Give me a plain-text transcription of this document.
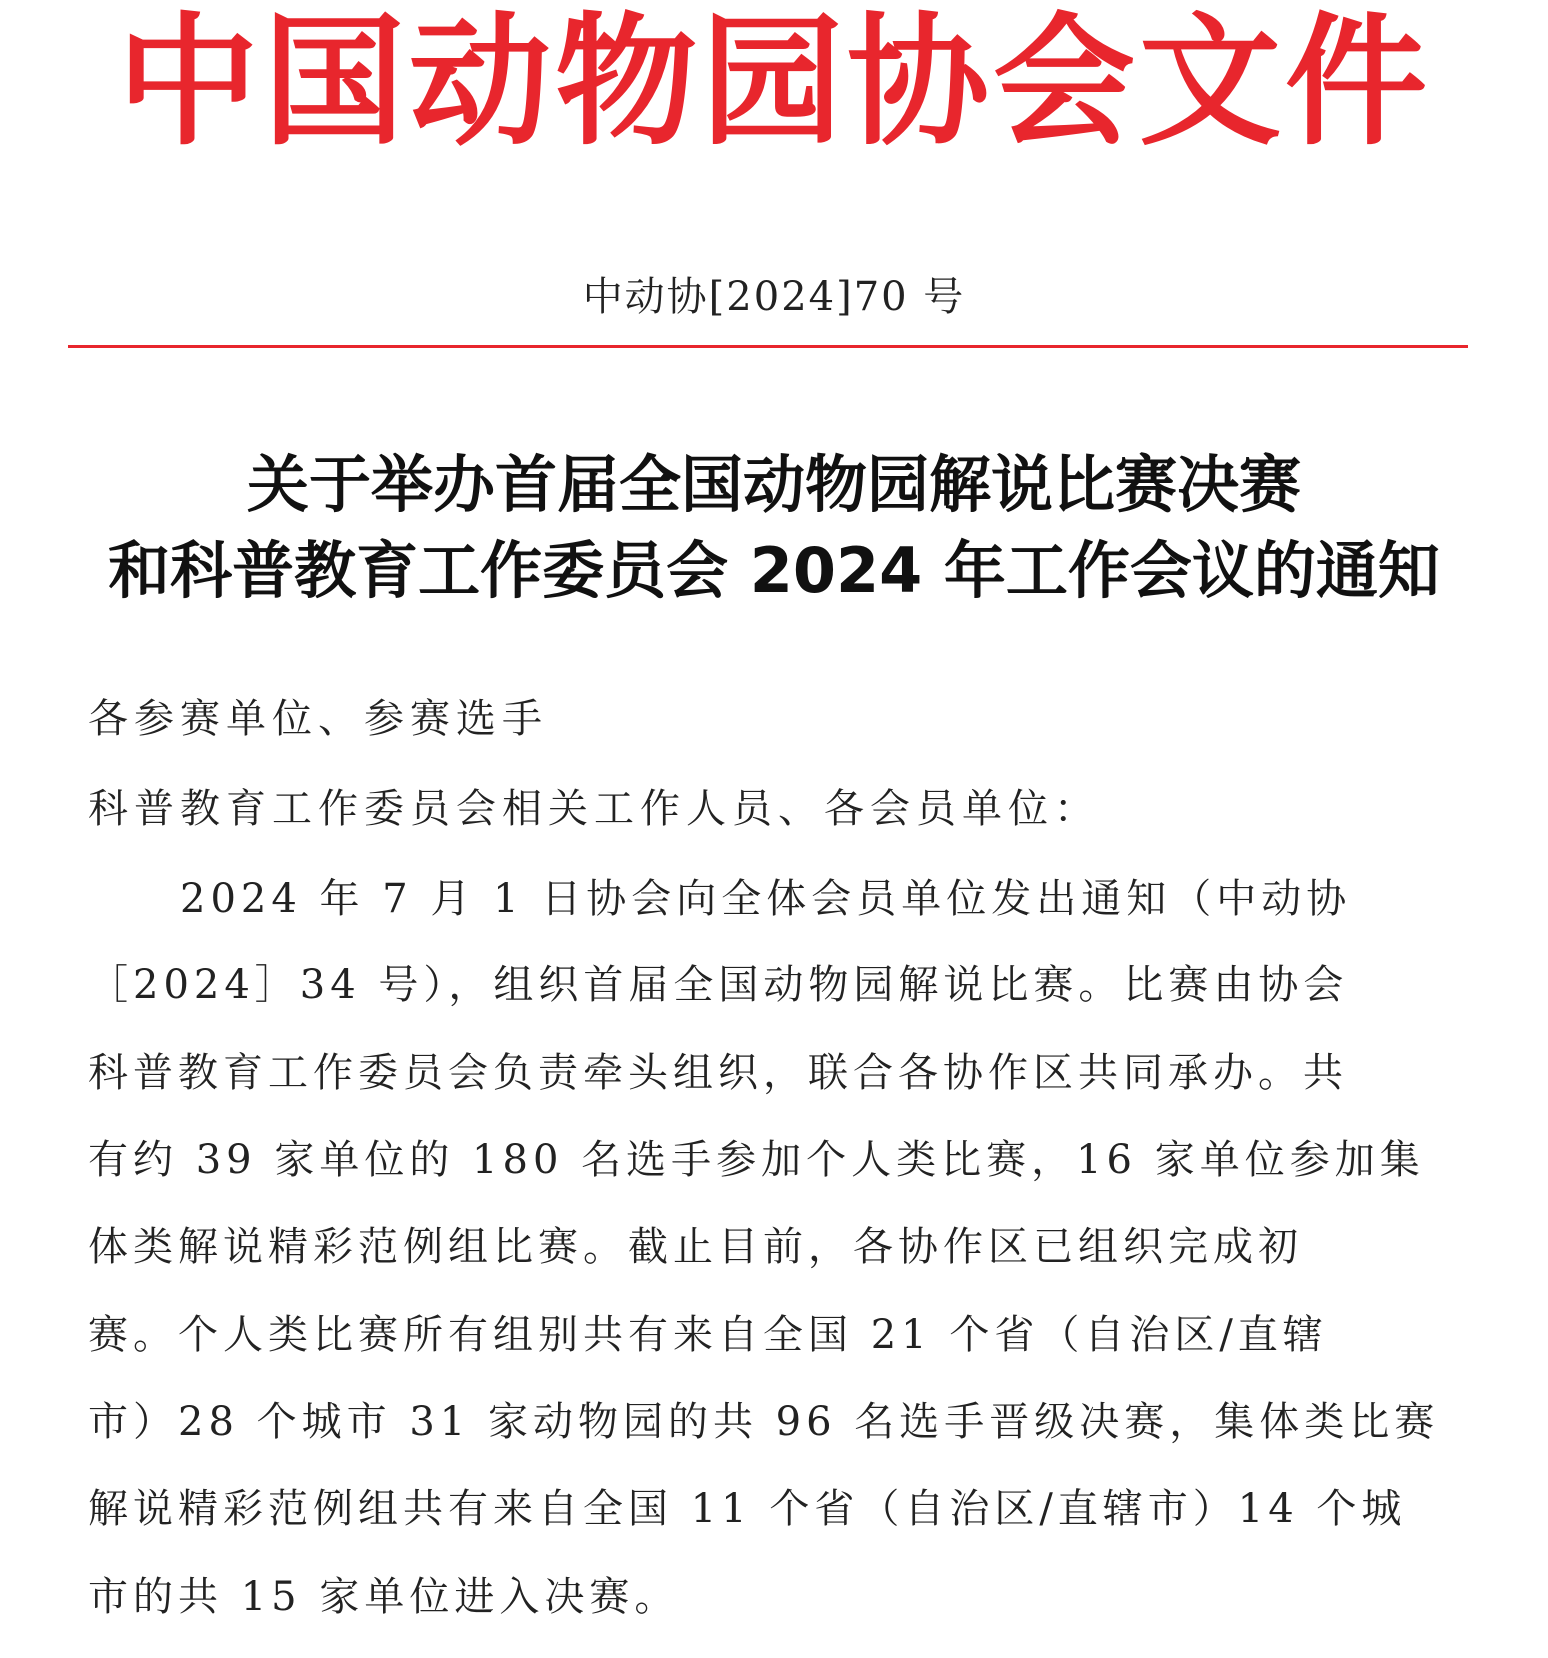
中国动物园协会文件
中动协[2024]70 号
关于举办首届全国动物园解说比赛决赛
和科普教育工作委员会 2024 年工作会议的通知
各参赛单位、参赛选手
科普教育工作委员会相关工作人员、各会员单位：
2024 年 7 月 1 日协会向全体会员单位发出通知（中动协
［2024］34 号），组织首届全国动物园解说比赛。比赛由协会
科普教育工作委员会负责牵头组织，联合各协作区共同承办。共
有约 39 家单位的 180 名选手参加个人类比赛，16 家单位参加集
体类解说精彩范例组比赛。截止目前，各协作区已组织完成初
赛。个人类比赛所有组别共有来自全国 21 个省（自治区/直辖
市）28 个城市 31 家动物园的共 96 名选手晋级决赛，集体类比赛
解说精彩范例组共有来自全国 11 个省（自治区/直辖市）14 个城
市的共 15 家单位进入决赛。
